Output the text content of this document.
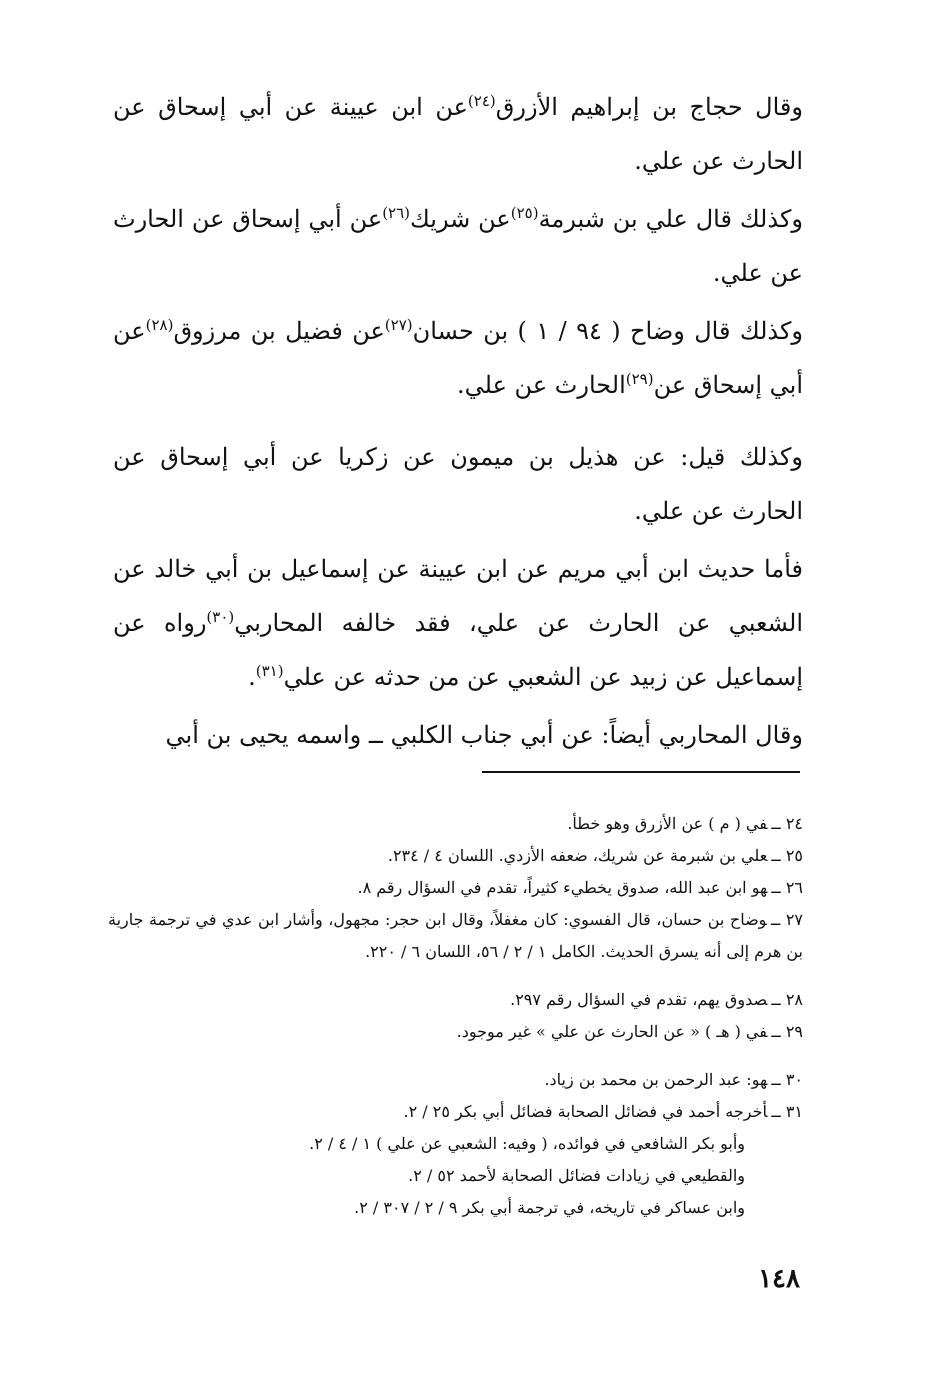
وقال حجاج بن إبراهيم الأزرق$^{(٢٤)}$عن ابن عيينة عن أبي إسحاق عن الحارث عن علي.

وكذلك قال علي بن شبرمة$^{(٢٥)}$عن شريك$^{(٢٦)}$عن أبي إسحاق عن الحارث عن علي.

وكذلك قال وضاح ( ٩٤ / ١ ) بن حسان$^{(٢٧)}$عن فضيل بن مرزوق$^{(٢٨)}$عن أبي إسحاق عن$^{(٢٩)}$الحارث عن علي.

وكذلك قيل: عن هذيل بن ميمون عن زكريا عن أبي إسحاق عن الحارث عن علي.

فأما حديث ابن أبي مريم عن ابن عيينة عن إسماعيل بن أبي خالد عن الشعبي عن الحارث عن علي، فقد خالفه المحاربي$^{(٣٠)}$رواه عن إسماعيل عن زبيد عن الشعبي عن من حدثه عن علي$^{(٣١)}$.

وقال المحاربي أيضاً: عن أبي جناب الكلبي ــ واسمه يحيى بن أبي

٢٤ ــفي ( م ) عن الأزرق وهو خطأ.

٢٥ ــعلي بن شبرمة عن شريك، ضعفه الأزدي. اللسان ٤ / ٢٣٤.

٢٦ ــهو ابن عبد الله، صدوق يخطيء كثيراً، تقدم في السؤال رقم ٨.

٢٧ ــوضاح بن حسان، قال الفسوي: كان مغفلاً، وقال ابن حجر: مجهول، وأشار ابن عدي في ترجمة جارية بن هرم إلى أنه يسرق الحديث. الكامل ١ / ٢ / ٥٦، اللسان ٦ / ٢٢٠.

٢٨ ــصدوق يهم، تقدم في السؤال رقم ٢٩٧.

٢٩ ــفي ( هـ ) « عن الحارث عن علي » غير موجود.

٣٠ ــهو: عبد الرحمن بن محمد بن زياد.

٣١ ــأخرجه أحمد في فضائل الصحابة فضائل أبي بكر ٢٥ / ٢.

وأبو بكر الشافعي في فوائده، ( وفيه: الشعبي عن علي ) ١ / ٤ / ٢.

والقطيعي في زيادات فضائل الصحابة لأحمد ٥٢ / ٢.

وابن عساكر في تاريخه، في ترجمة أبي بكر ٩ / ٢ / ٣٠٧ / ٢.

١٤٨
